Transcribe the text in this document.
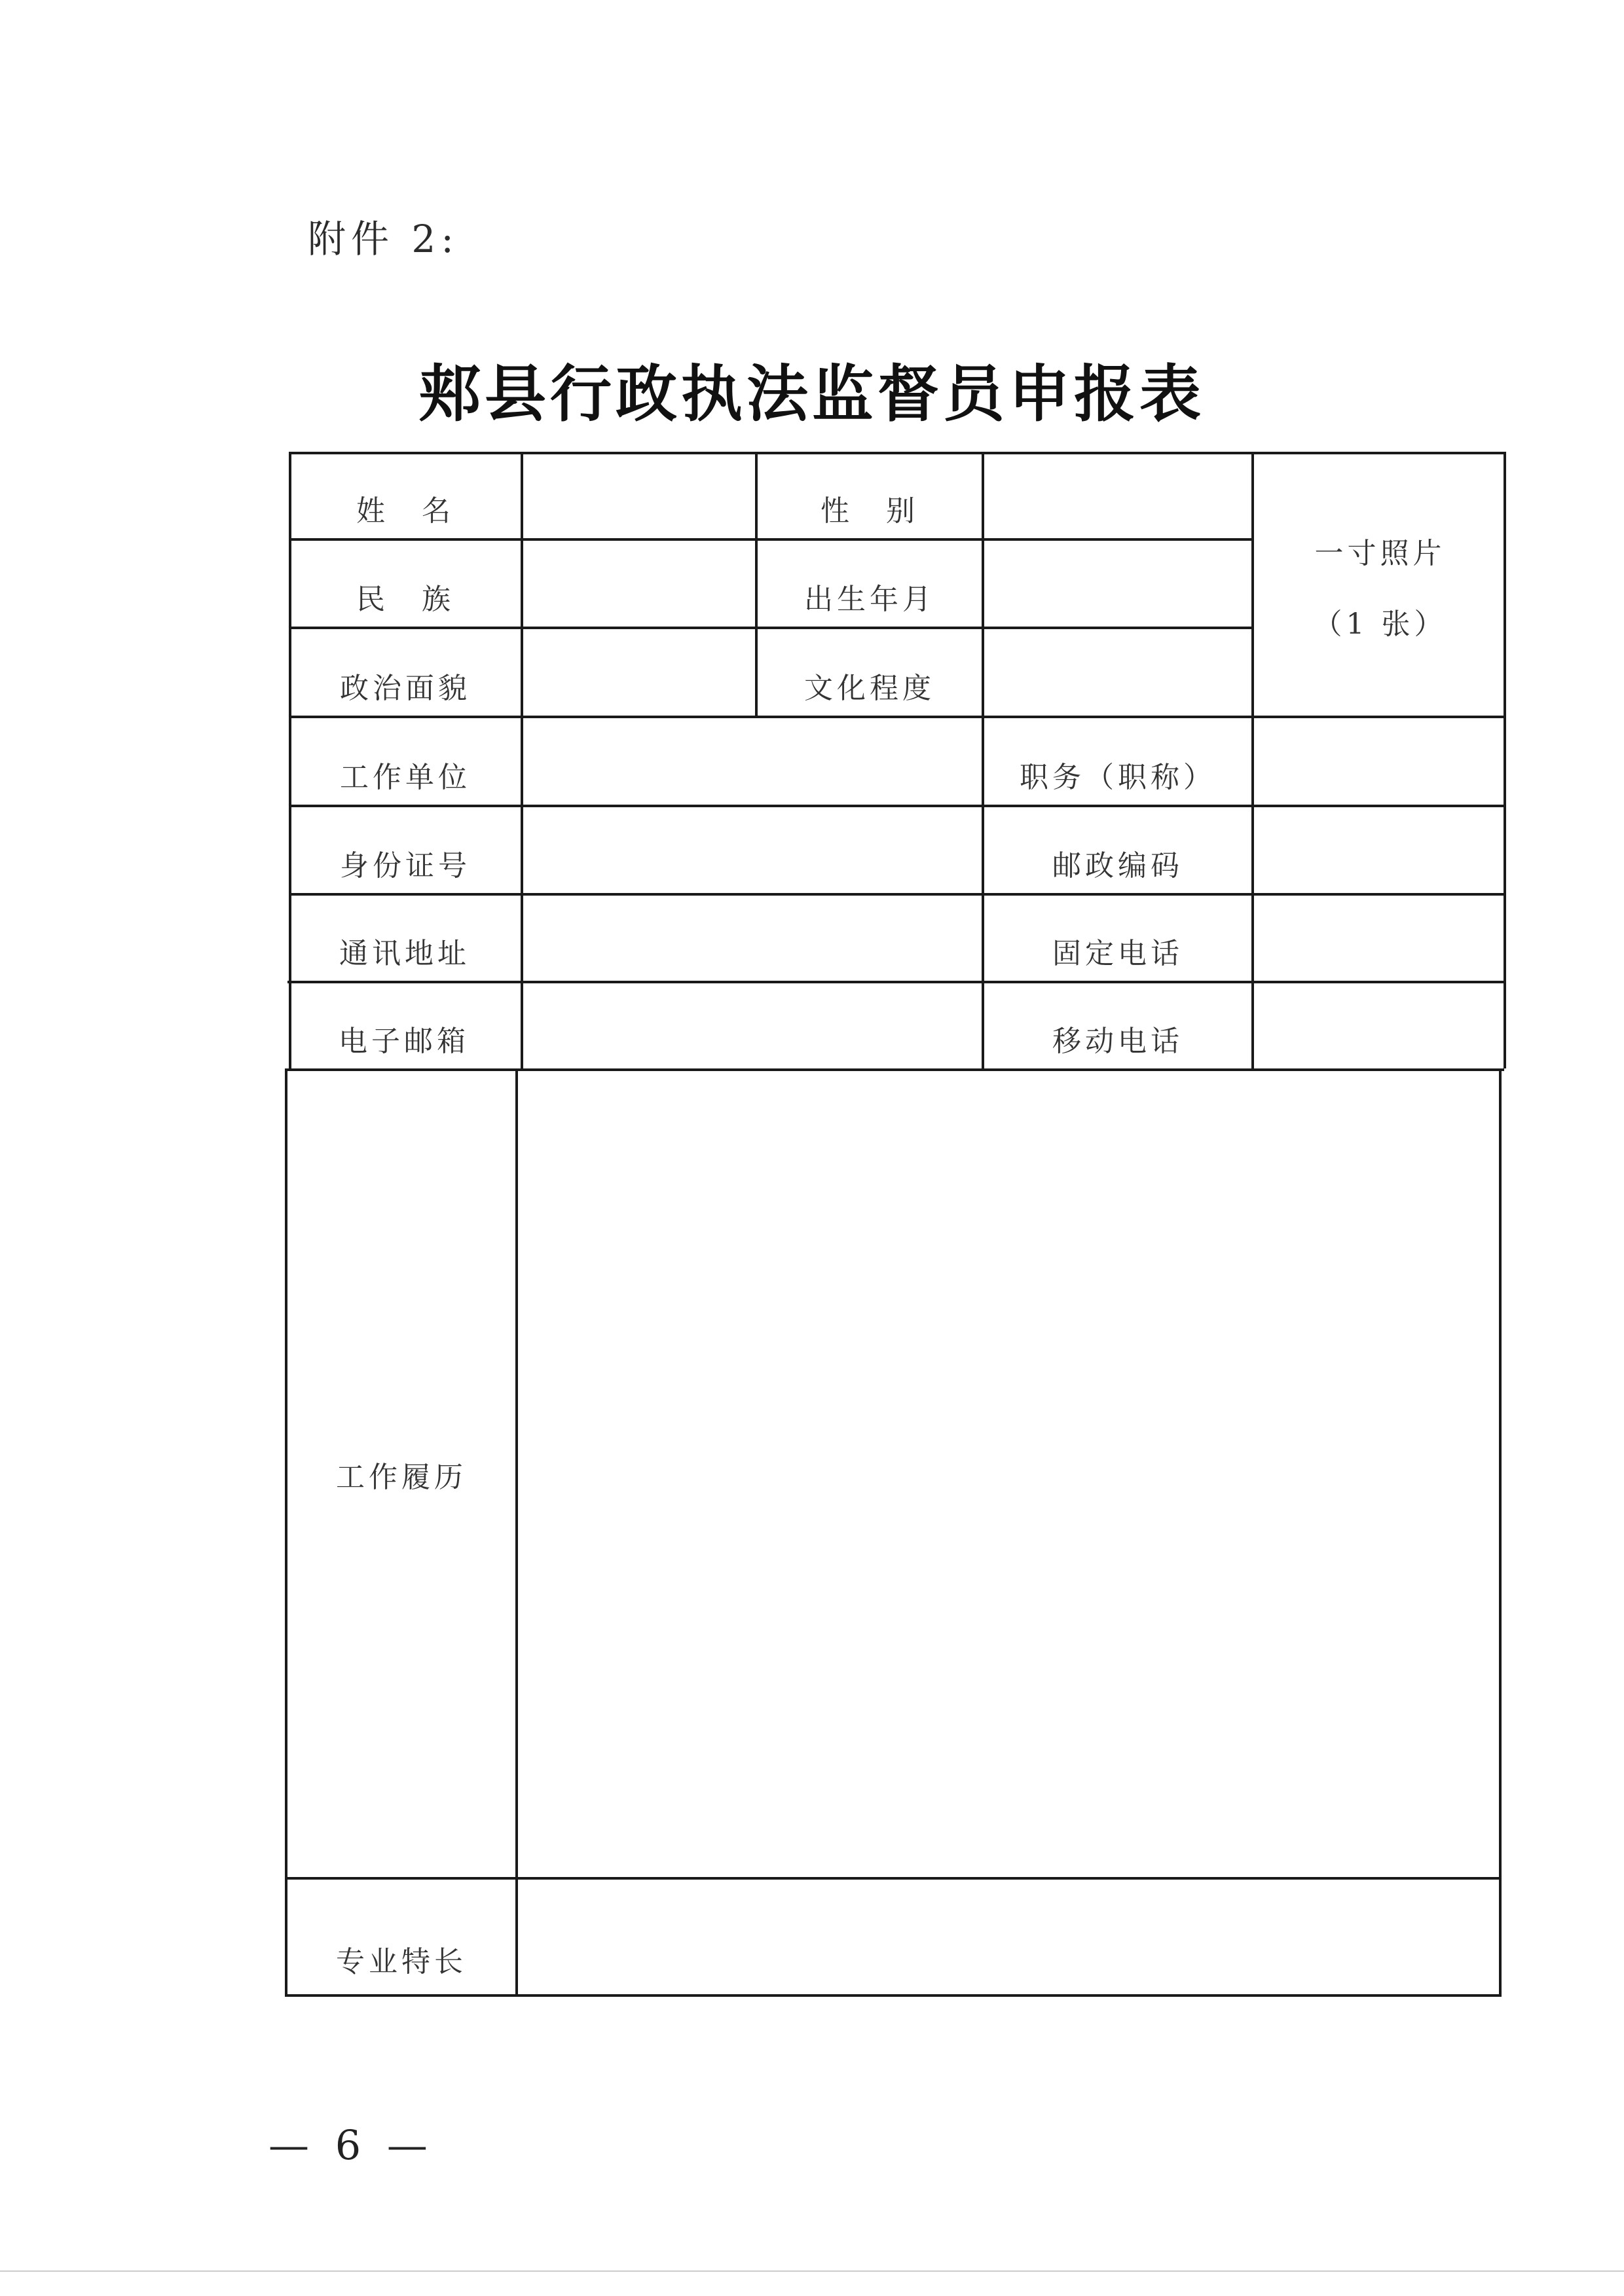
附件 2:
郏县行政执法监督员申报表
姓　名	性　别
民　族	出生年月
政治面貌	文化程度
一寸照片
（1 张）
工作单位	职务（职称）
身份证号	邮政编码
通讯地址	固定电话
电子邮箱	移动电话
工作履历
专业特长
— 6 —
